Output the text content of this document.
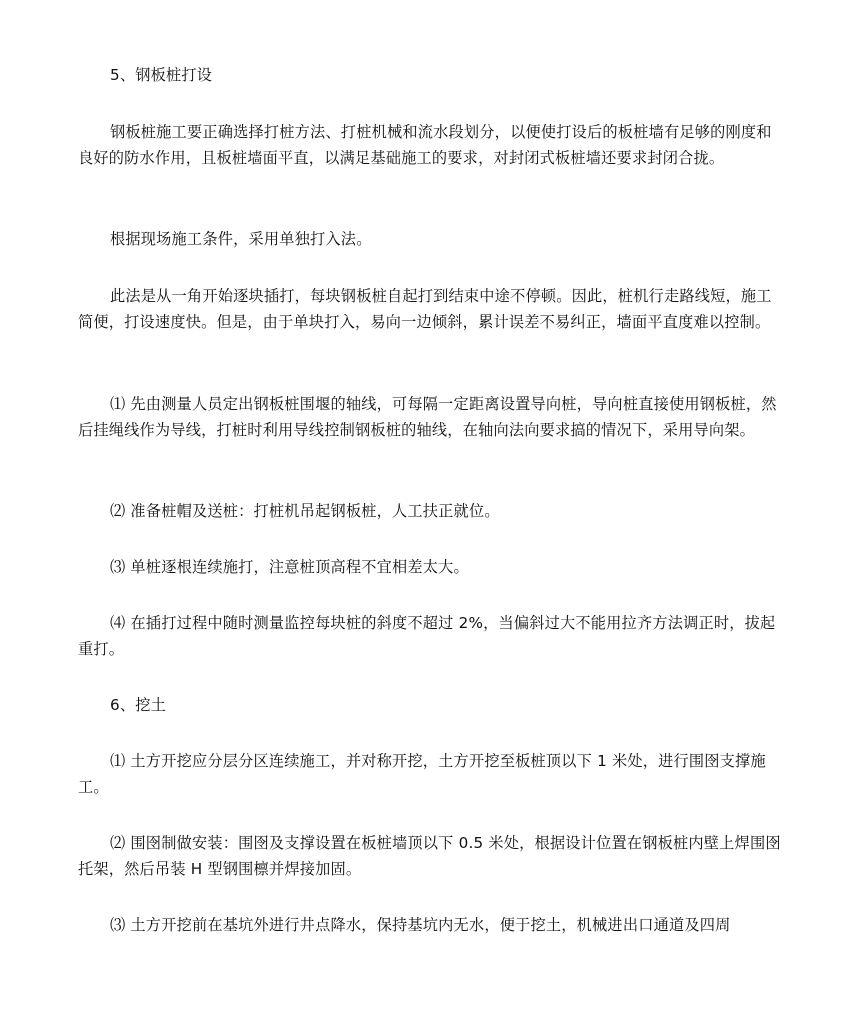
5、钢板桩打设

钢板桩施工要正确选择打桩方法、打桩机械和流水段划分，以便使打设后的板桩墙有足够的刚度和良好的防水作用，且板桩墙面平直，以满足基础施工的要求，对封闭式板桩墙还要求封闭合拢。

根据现场施工条件，采用单独打入法。

此法是从一角开始逐块插打，每块钢板桩自起打到结束中途不停顿。因此，桩机行走路线短，施工简便，打设速度快。但是，由于单块打入，易向一边倾斜，累计误差不易纠正，墙面平直度难以控制。

⑴ 先由测量人员定出钢板桩围堰的轴线，可每隔一定距离设置导向桩，导向桩直接使用钢板桩，然后挂绳线作为导线，打桩时利用导线控制钢板桩的轴线，在轴向法向要求搞的情况下，采用导向架。

⑵ 准备桩帽及送桩：打桩机吊起钢板桩，人工扶正就位。

⑶ 单桩逐根连续施打，注意桩顶高程不宜相差太大。

⑷ 在插打过程中随时测量监控每块桩的斜度不超过 2%，当偏斜过大不能用拉齐方法调正时，拔起重打。

6、挖土

⑴ 土方开挖应分层分区连续施工，并对称开挖，土方开挖至板桩顶以下 1 米处，进行围囹支撑施工。

⑵ 围囹制做安装：围囹及支撑设置在板桩墙顶以下 0.5 米处，根据设计位置在钢板桩内壁上焊围囹托架，然后吊装 H 型钢围檩并焊接加固。

⑶ 土方开挖前在基坑外进行井点降水，保持基坑内无水，便于挖土，机械进出口通道及四周
